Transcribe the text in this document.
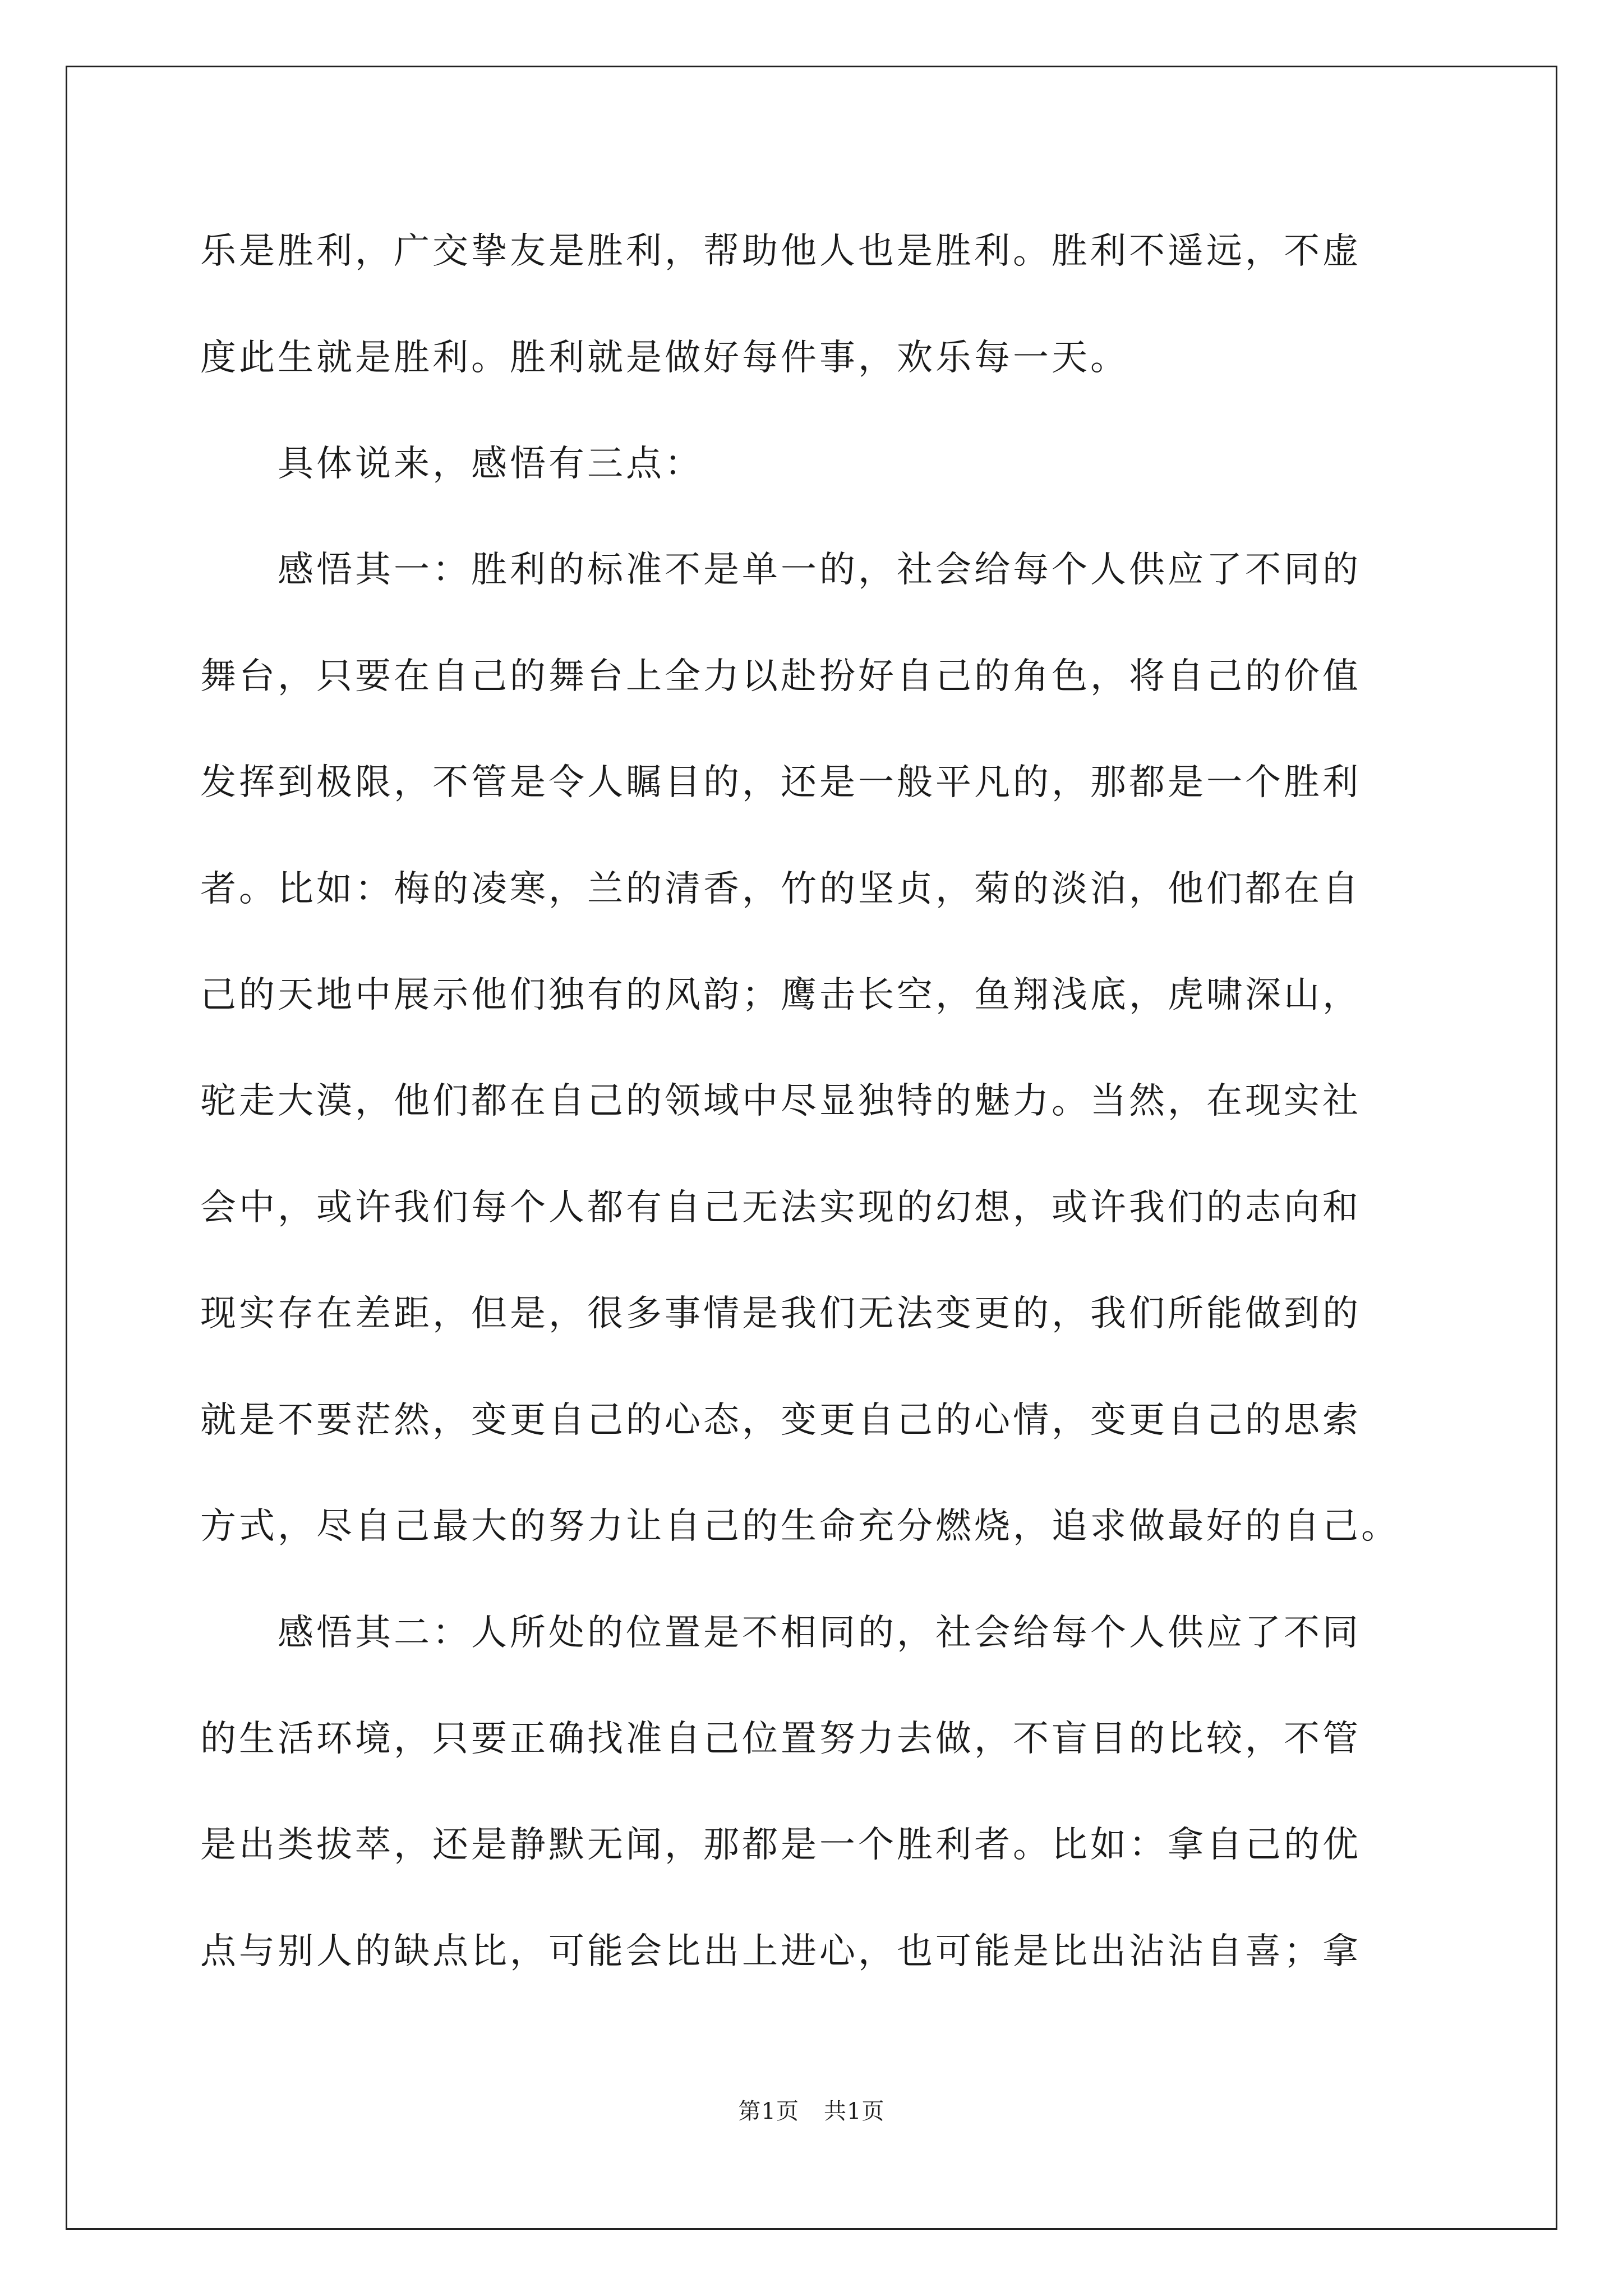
乐是胜利，广交挚友是胜利，帮助他人也是胜利。胜利不遥远，不虚
度此生就是胜利。胜利就是做好每件事，欢乐每一天。
　　具体说来，感悟有三点：
　　感悟其一：胜利的标准不是单一的，社会给每个人供应了不同的
舞台，只要在自己的舞台上全力以赴扮好自己的角色，将自己的价值
发挥到极限，不管是令人瞩目的，还是一般平凡的，那都是一个胜利
者。比如：梅的凌寒，兰的清香，竹的坚贞，菊的淡泊，他们都在自
己的天地中展示他们独有的风韵；鹰击长空，鱼翔浅底，虎啸深山，
驼走大漠，他们都在自己的领域中尽显独特的魅力。当然，在现实社
会中，或许我们每个人都有自己无法实现的幻想，或许我们的志向和
现实存在差距，但是，很多事情是我们无法变更的，我们所能做到的
就是不要茫然，变更自己的心态，变更自己的心情，变更自己的思索
方式，尽自己最大的努力让自己的生命充分燃烧，追求做最好的自己。
　　感悟其二：人所处的位置是不相同的，社会给每个人供应了不同
的生活环境，只要正确找准自己位置努力去做，不盲目的比较，不管
是出类拔萃，还是静默无闻，那都是一个胜利者。比如：拿自己的优
点与别人的缺点比，可能会比出上进心，也可能是比出沾沾自喜；拿
第1页 共1页
